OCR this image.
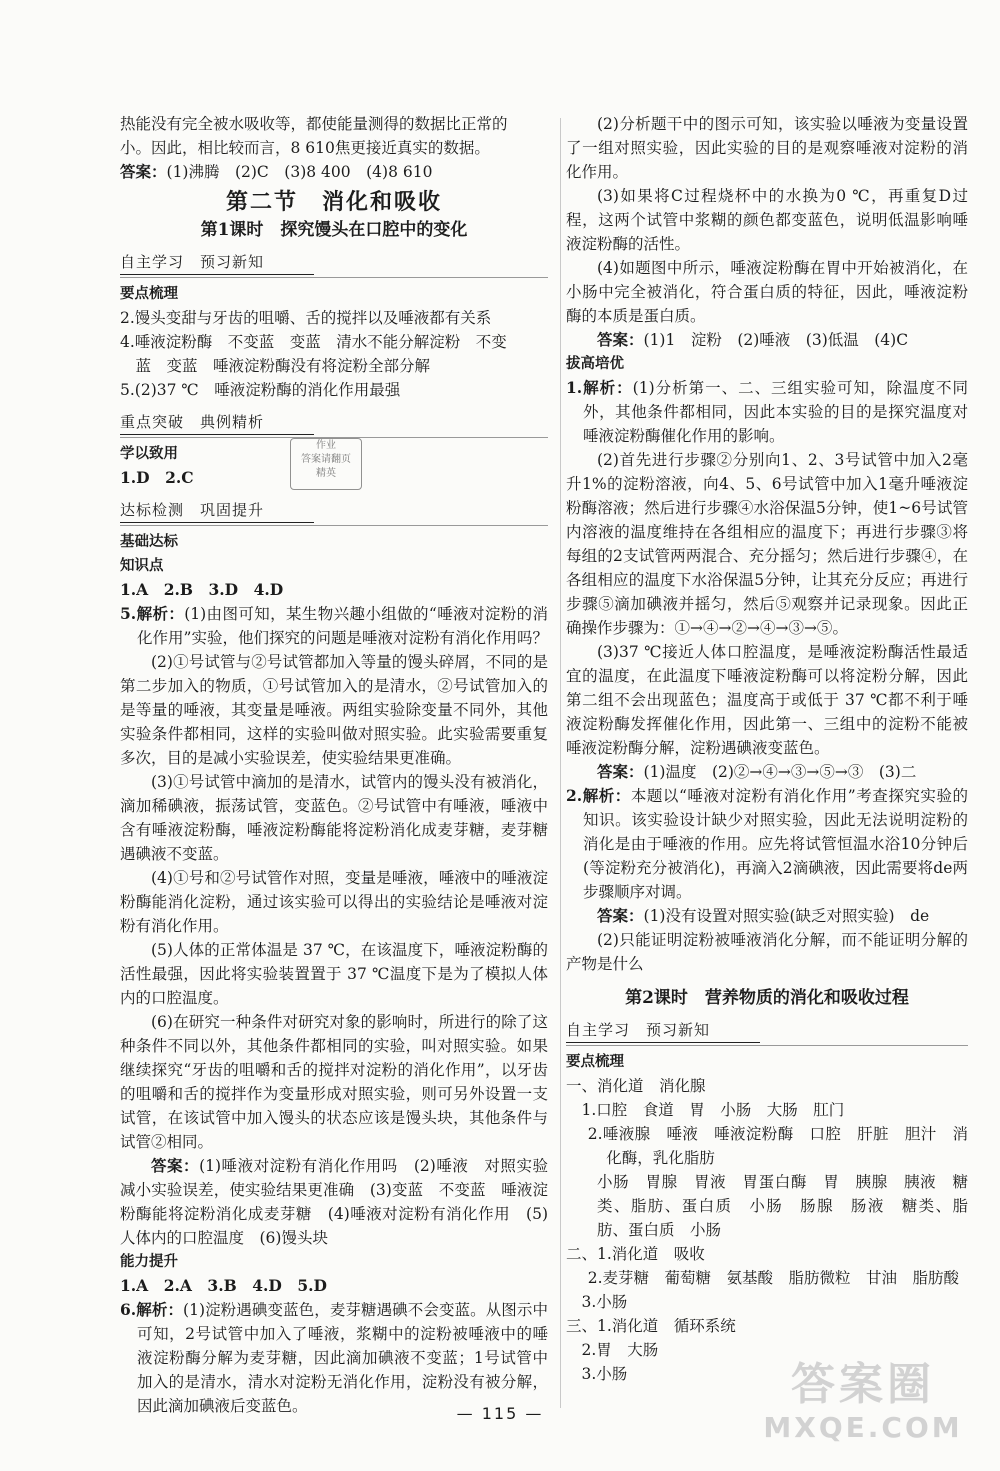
热能没有完全被水吸收等，都使能量测得的数据比正常的

小。因此，相比较而言，8 610焦更接近真实的数据。

答案：(1)沸腾　(2)C　(3)8 400　(4)8 610

第二节　消化和吸收
第1课时　探究馒头在口腔中的变化
自主学习　预习新知

要点梳理

2.馒头变甜与牙齿的咀嚼、舌的搅拌以及唾液都有关系

4.唾液淀粉酶　不变蓝　变蓝　清水不能分解淀粉　不变

蓝　变蓝　唾液淀粉酶没有将淀粉全部分解

5.(2)37 ℃　唾液淀粉酶的消化作用最强

重点突破　典例精析

学以致用

1.D　2.C

达标检测　巩固提升

基础达标

知识点

1.A　2.B　3.D　4.D

5.解析：(1)由图可知，某生物兴趣小组做的“唾液对淀粉的消化作用”实验，他们探究的问题是唾液对淀粉有消化作用吗？

(2)①号试管与②号试管都加入等量的馒头碎屑，不同的是第二步加入的物质，①号试管加入的是清水，②号试管加入的是等量的唾液，其变量是唾液。两组实验除变量不同外，其他实验条件都相同，这样的实验叫做对照实验。此实验需要重复多次，目的是减小实验误差，使实验结果更准确。

(3)①号试管中滴加的是清水，试管内的馒头没有被消化，滴加稀碘液，振荡试管，变蓝色。②号试管中有唾液，唾液中含有唾液淀粉酶，唾液淀粉酶能将淀粉消化成麦芽糖，麦芽糖遇碘液不变蓝。

(4)①号和②号试管作对照，变量是唾液，唾液中的唾液淀粉酶能消化淀粉，通过该实验可以得出的实验结论是唾液对淀粉有消化作用。

(5)人体的正常体温是 37 ℃，在该温度下，唾液淀粉酶的活性最强，因此将实验装置置于 37 ℃温度下是为了模拟人体内的口腔温度。

(6)在研究一种条件对研究对象的影响时，所进行的除了这种条件不同以外，其他条件都相同的实验，叫对照实验。如果继续探究“牙齿的咀嚼和舌的搅拌对淀粉的消化作用”，以牙齿的咀嚼和舌的搅拌作为变量形成对照实验，则可另外设置一支试管，在该试管中加入馒头的状态应该是馒头块，其他条件与试管②相同。

答案：(1)唾液对淀粉有消化作用吗　(2)唾液　对照实验　减小实验误差，使实验结果更准确　(3)变蓝　不变蓝　唾液淀粉酶能将淀粉消化成麦芽糖　(4)唾液对淀粉有消化作用　(5)人体内的口腔温度　(6)馒头块

能力提升

1.A　2.A　3.B　4.D　5.D

6.解析：(1)淀粉遇碘变蓝色，麦芽糖遇碘不会变蓝。从图示中可知，2号试管中加入了唾液，浆糊中的淀粉被唾液中的唾液淀粉酶分解为麦芽糖，因此滴加碘液不变蓝；1号试管中加入的是清水，清水对淀粉无消化作用，淀粉没有被分解，因此滴加碘液后变蓝色。

作业
答案请翻页
精英

(2)分析题干中的图示可知，该实验以唾液为变量设置了一组对照实验，因此实验的目的是观察唾液对淀粉的消化作用。

(3)如果将C过程烧杯中的水换为0 ℃，再重复D过程，这两个试管中浆糊的颜色都变蓝色，说明低温影响唾液淀粉酶的活性。

(4)如题图中所示，唾液淀粉酶在胃中开始被消化，在小肠中完全被消化，符合蛋白质的特征，因此，唾液淀粉酶的本质是蛋白质。

答案：(1)1　淀粉　(2)唾液　(3)低温　(4)C

拔高培优

1.解析：(1)分析第一、二、三组实验可知，除温度不同外，其他条件都相同，因此本实验的目的是探究温度对唾液淀粉酶催化作用的影响。

(2)首先进行步骤②分别向1、2、3号试管中加入2毫升1%的淀粉溶液，向4、5、6号试管中加入1毫升唾液淀粉酶溶液；然后进行步骤④水浴保温5分钟，使1~6号试管内溶液的温度维持在各组相应的温度下；再进行步骤③将每组的2支试管两两混合、充分摇匀；然后进行步骤④，在各组相应的温度下水浴保温5分钟，让其充分反应；再进行步骤⑤滴加碘液并摇匀，然后⑤观察并记录现象。因此正确操作步骤为：①→④→②→④→③→⑤。

(3)37 ℃接近人体口腔温度，是唾液淀粉酶活性最适宜的温度，在此温度下唾液淀粉酶可以将淀粉分解，因此第二组不会出现蓝色；温度高于或低于 37 ℃都不利于唾液淀粉酶发挥催化作用，因此第一、三组中的淀粉不能被唾液淀粉酶分解，淀粉遇碘液变蓝色。

答案：(1)温度　(2)②→④→③→⑤→③　(3)二

2.解析：本题以“唾液对淀粉有消化作用”考查探究实验的知识。该实验设计缺少对照实验，因此无法说明淀粉的消化是由于唾液的作用。应先将试管恒温水浴10分钟后(等淀粉充分被消化)，再滴入2滴碘液，因此需要将de两步骤顺序对调。

答案：(1)没有设置对照实验(缺乏对照实验)　de

(2)只能证明淀粉被唾液消化分解，而不能证明分解的产物是什么

第2课时　营养物质的消化和吸收过程
自主学习　预习新知

要点梳理

一、消化道　消化腺

1.口腔　食道　胃　小肠　大肠　肛门

2.唾液腺　唾液　唾液淀粉酶　口腔　肝脏　胆汁　消化酶，乳化脂肪

小肠　胃腺　胃液　胃蛋白酶　胃　胰腺　胰液　糖类、脂肪、蛋白质　小肠　肠腺　肠液　糖类、脂肪、蛋白质　小肠

二、1.消化道　吸收

2.麦芽糖　葡萄糖　氨基酸　脂肪微粒　甘油　脂肪酸

3.小肠

三、1.消化道　循环系统

2.胃　大肠

3.小肠

— 115 —
答案圈
MXQE.COM
